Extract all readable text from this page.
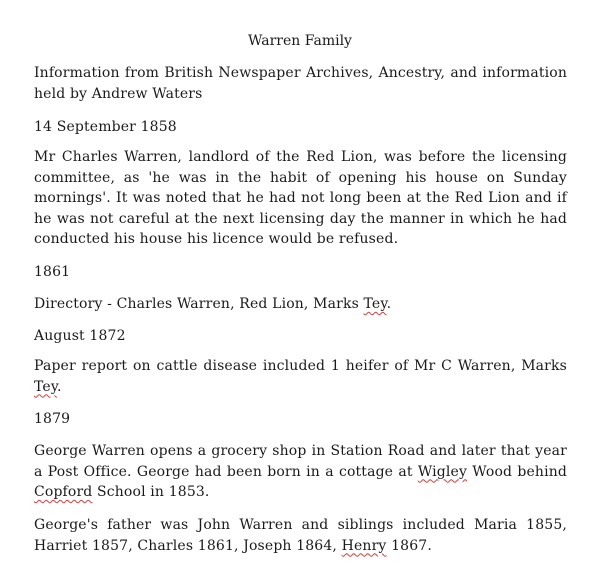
Warren Family

Information from British Newspaper Archives, Ancestry, and information held by Andrew Waters

14 September 1858

Mr Charles Warren, landlord of the Red Lion, was before the licensing committee, as 'he was in the habit of opening his house on Sunday mornings'. It was noted that he had not long been at the Red Lion and if he was not careful at the next licensing day the manner in which he had conducted his house his licence would be refused.

1861

Directory - Charles Warren, Red Lion, Marks Tey.

August 1872

Paper report on cattle disease included 1 heifer of Mr C Warren, Marks Tey.

1879

George Warren opens a grocery shop in Station Road and later that year a Post Office. George had been born in a cottage at Wigley Wood behind Copford School in 1853.

George's father was John Warren and siblings included Maria 1855, Harriet 1857, Charles 1861, Joseph 1864, Henry 1867.
